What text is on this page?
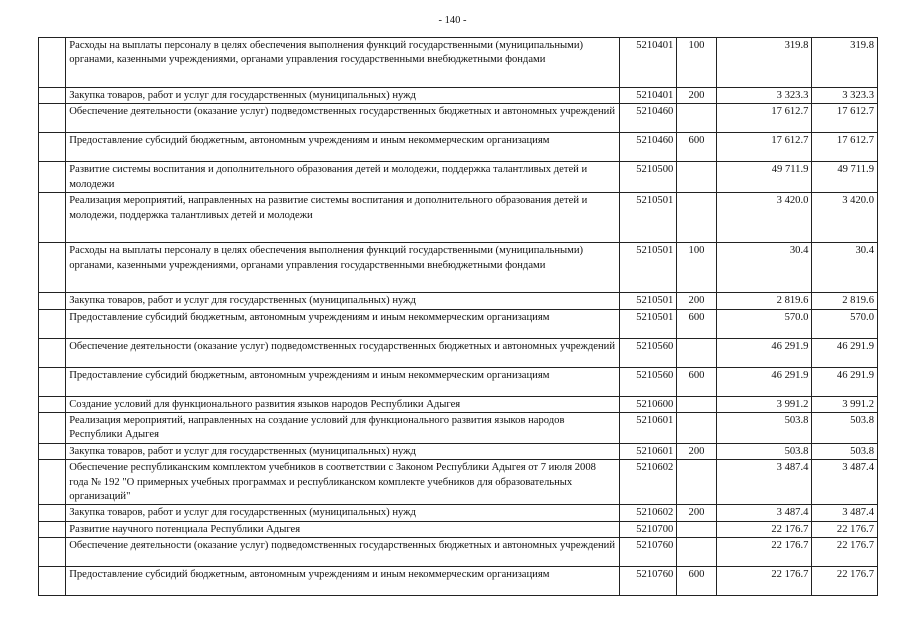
- 140 -

	Расходы на выплаты персоналу в целях обеспечения выполнения функций государственными (муниципальными) органами, казенными учреждениями, органами управления государственными внебюджетными фондами	5210401	100	319.8	319.8

	Закупка товаров, работ и услуг для государственных (муниципальных) нужд	5210401	200	3 323.3	3 323.3

	Обеспечение деятельности (оказание услуг) подведомственных государственных бюджетных и автономных учреждений	5210460		17 612.7	17 612.7

	Предоставление субсидий бюджетным, автономным учреждениям и иным некоммерческим организациям	5210460	600	17 612.7	17 612.7

	Развитие системы воспитания и дополнительного образования детей и молодежи, поддержка талантливых детей и молодежи	5210500		49 711.9	49 711.9

	Реализация мероприятий, направленных на развитие системы воспитания и дополнительного образования детей и молодежи, поддержка талантливых детей и молодежи	5210501		3 420.0	3 420.0

	Расходы на выплаты персоналу в целях обеспечения выполнения функций государственными (муниципальными) органами, казенными учреждениями, органами управления государственными внебюджетными фондами	5210501	100	30.4	30.4

	Закупка товаров, работ и услуг для государственных (муниципальных) нужд	5210501	200	2 819.6	2 819.6

	Предоставление субсидий бюджетным, автономным учреждениям и иным некоммерческим организациям	5210501	600	570.0	570.0

	Обеспечение деятельности (оказание услуг) подведомственных государственных бюджетных и автономных учреждений	5210560		46 291.9	46 291.9

	Предоставление субсидий бюджетным, автономным учреждениям и иным некоммерческим организациям	5210560	600	46 291.9	46 291.9

	Создание условий для функционального развития языков народов Республики Адыгея	5210600		3 991.2	3 991.2

	Реализация мероприятий, направленных на создание условий для функционального развития языков народов Республики Адыгея	5210601		503.8	503.8

	Закупка товаров, работ и услуг для государственных (муниципальных) нужд	5210601	200	503.8	503.8

	Обеспечение республиканским комплектом учебников в соответствии с Законом Республики Адыгея от 7 июля 2008 года № 192 "О примерных учебных программах и республиканском комплекте учебников для образовательных организаций"	5210602		3 487.4	3 487.4

	Закупка товаров, работ и услуг для государственных (муниципальных) нужд	5210602	200	3 487.4	3 487.4

	Развитие научного потенциала Республики Адыгея	5210700		22 176.7	22 176.7

	Обеспечение деятельности (оказание услуг) подведомственных государственных бюджетных и автономных учреждений	5210760		22 176.7	22 176.7

	Предоставление субсидий бюджетным, автономным учреждениям и иным некоммерческим организациям	5210760	600	22 176.7	22 176.7
